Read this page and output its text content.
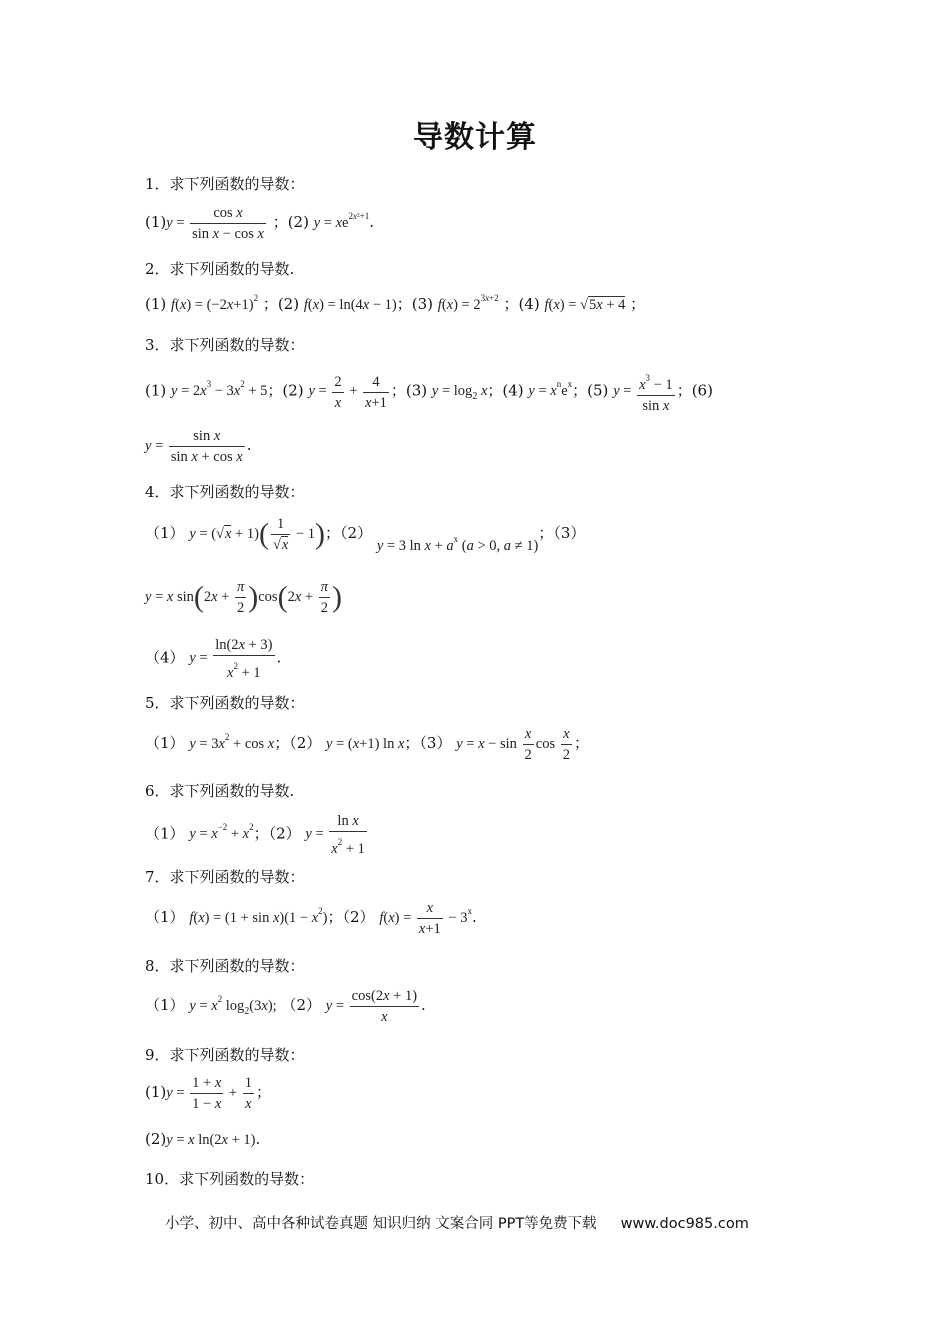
导数计算
1．求下列函数的导数：
$(1)y = \frac{\text{cos x}}{\text{sin x − cos x}}$ ；(2) $y = xe^{2x^2+1}$.
2．求下列函数的导数.
(1) $f(x) = (-2x+1)^2$ ；(2) f(x) = ln(4x − 1)；(3) $f(x) = 2^{3x+2}$ ；(4) f(x) = √5x + 4 ；
3．求下列函数的导数：
(1) $y = 2x^3 - 3x^2 + 5$；(2) $y = \frac{2}{x} + \frac{4}{x+1}$ ；(3) $y = \log_2 x$；(4) $y = x^ne^x$；(5) $y = \frac{x^3 - 1}{\text{sin x}}$ ；(6)
$y = \frac{\text{sin x}}{\text{sin x + cos x}}$ .
4．求下列函数的导数：
（1） $y = (√x + 1)( \frac{1}{√x} - 1)$；（2） y = 3 $\ln x + a^x$ (a > 0, a ≠ 1)；（3）
y = x $\sin(2x + \frac{\pi}{2} )\cos(2x + \frac{\pi}{2}$ )
（4） $y = \frac{\ln(2x + 3)}{x^2 + 1}$ .
5．求下列函数的导数：
（1） $y = 3x^2 + \cos x$；（2） y = (x+1) ln x；（3） $y = x - \sin \frac{x}{2}$ $\cos \frac{x}{2}$ ；
6．求下列函数的导数.
（1） $y = x^{-2} + x^2$；（2） $y = \frac{\text{ln x}}{x^2 + 1}$
7．求下列函数的导数：
（1） $f(x) = (1 + \sin x)(1 - x^2)$；（2） $f(x) = \frac{x}{x+1} - 3^x$.
8．求下列函数的导数：
（1） $y = x^2$ $\log_2(3x)$; （2） $y = \frac{\cos(2x + 1)}{x}$ .
9．求下列函数的导数：
$(1)y = \frac{1 + x}{1 - x} + \frac{1}{x}$ ；
(2)y = x ln(2x + 1).
10．求下列函数的导数：
小学、初中、高中各种试卷真题 知识归纳 文案合同 PPT等免费下载 www.doc985.com
